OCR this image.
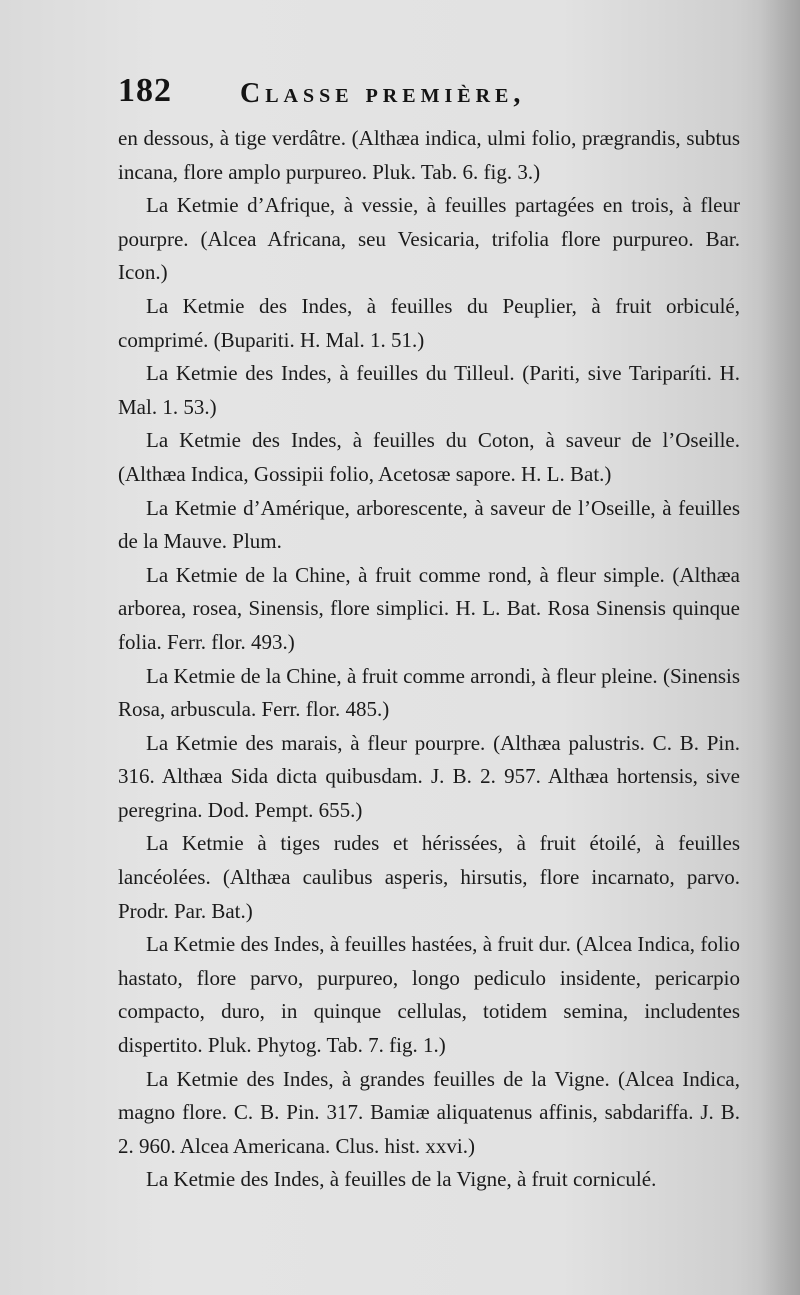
182 Classe première,

en dessous, à tige verdâtre. (Althæa indica, ulmi folio, prægrandis, subtus incana, flore amplo purpureo. Pluk. Tab. 6. fig. 3.)

La Ketmie d’Afrique, à vessie, à feuilles partagées en trois, à fleur pourpre. (Alcea Africana, seu Vesicaria, trifolia flore purpureo. Bar. Icon.)

La Ketmie des Indes, à feuilles du Peuplier, à fruit orbiculé, comprimé. (Bupariti. H. Mal. 1. 51.)

La Ketmie des Indes, à feuilles du Tilleul. (Pariti, sive Tariparíti. H. Mal. 1. 53.)

La Ketmie des Indes, à feuilles du Coton, à saveur de l’Oseille. (Althæa Indica, Gossipii folio, Acetosæ sapore. H. L. Bat.)

La Ketmie d’Amérique, arborescente, à saveur de l’Oseille, à feuilles de la Mauve. Plum.

La Ketmie de la Chine, à fruit comme rond, à fleur simple. (Althæa arborea, rosea, Sinensis, flore simplici. H. L. Bat. Rosa Sinensis quinque folia. Ferr. flor. 493.)

La Ketmie de la Chine, à fruit comme arrondi, à fleur pleine. (Sinensis Rosa, arbuscula. Ferr. flor. 485.)

La Ketmie des marais, à fleur pourpre. (Althæa palustris. C. B. Pin. 316. Althæa Sida dicta quibusdam. J. B. 2. 957. Althæa hortensis, sive peregrina. Dod. Pempt. 655.)

La Ketmie à tiges rudes et hérissées, à fruit étoilé, à feuilles lancéolées. (Althæa caulibus asperis, hirsutis, flore incarnato, parvo. Prodr. Par. Bat.)

La Ketmie des Indes, à feuilles hastées, à fruit dur. (Alcea Indica, folio hastato, flore parvo, purpureo, longo pediculo insidente, pericarpio compacto, duro, in quinque cellulas, totidem semina, includentes dispertito. Pluk. Phytog. Tab. 7. fig. 1.)

La Ketmie des Indes, à grandes feuilles de la Vigne. (Alcea Indica, magno flore. C. B. Pin. 317. Bamiæ aliquatenus affinis, sabdariffa. J. B. 2. 960. Alcea Americana. Clus. hist. xxvi.)

La Ketmie des Indes, à feuilles de la Vigne, à fruit corniculé.
